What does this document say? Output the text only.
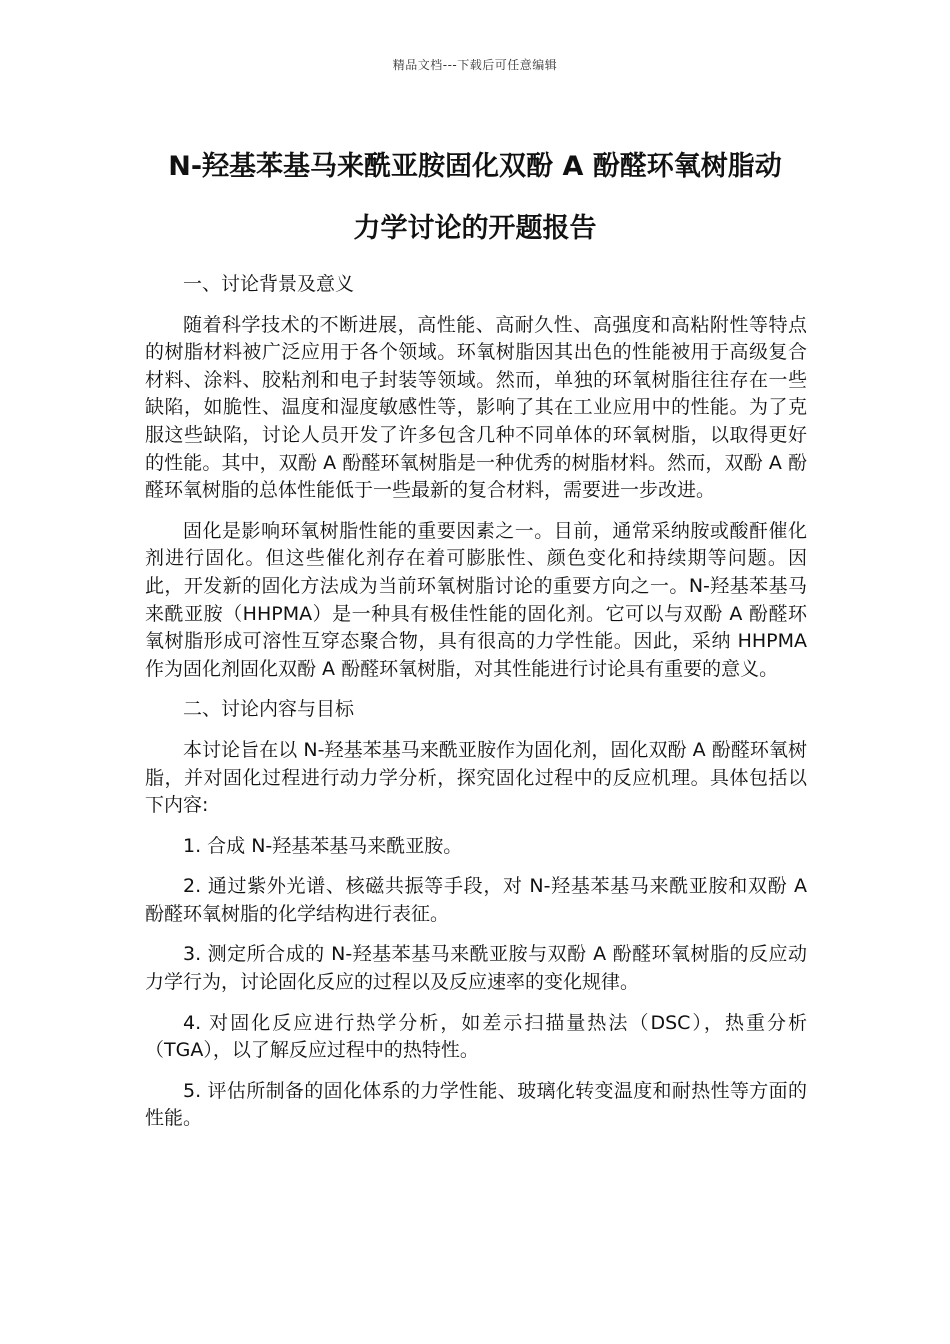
精品文档---下载后可任意编辑
N-羟基苯基马来酰亚胺固化双酚 A 酚醛环氧树脂动
力学讨论的开题报告

一、讨论背景及意义

随着科学技术的不断进展，高性能、高耐久性、高强度和高粘附性等特点的树脂材料被广泛应用于各个领域。环氧树脂因其出色的性能被用于高级复合材料、涂料、胶粘剂和电子封装等领域。然而，单独的环氧树脂往往存在一些缺陷，如脆性、温度和湿度敏感性等，影响了其在工业应用中的性能。为了克服这些缺陷，讨论人员开发了许多包含几种不同单体的环氧树脂，以取得更好的性能。其中，双酚 A 酚醛环氧树脂是一种优秀的树脂材料。然而，双酚 A 酚醛环氧树脂的总体性能低于一些最新的复合材料，需要进一步改进。

固化是影响环氧树脂性能的重要因素之一。目前，通常采纳胺或酸酐催化剂进行固化。但这些催化剂存在着可膨胀性、颜色变化和持续期等问题。因此，开发新的固化方法成为当前环氧树脂讨论的重要方向之一。N-羟基苯基马来酰亚胺（HHPMA）是一种具有极佳性能的固化剂。它可以与双酚 A 酚醛环氧树脂形成可溶性互穿态聚合物，具有很高的力学性能。因此，采纳 HHPMA 作为固化剂固化双酚 A 酚醛环氧树脂，对其性能进行讨论具有重要的意义。

二、讨论内容与目标

本讨论旨在以 N-羟基苯基马来酰亚胺作为固化剂，固化双酚 A 酚醛环氧树脂，并对固化过程进行动力学分析，探究固化过程中的反应机理。具体包括以下内容:

1. 合成 N-羟基苯基马来酰亚胺。

2. 通过紫外光谱、核磁共振等手段，对 N-羟基苯基马来酰亚胺和双酚 A 酚醛环氧树脂的化学结构进行表征。

3. 测定所合成的 N-羟基苯基马来酰亚胺与双酚 A 酚醛环氧树脂的反应动力学行为，讨论固化反应的过程以及反应速率的变化规律。

4. 对固化反应进行热学分析，如差示扫描量热法（DSC），热重分析（TGA），以了解反应过程中的热特性。

5. 评估所制备的固化体系的力学性能、玻璃化转变温度和耐热性等方面的性能。
